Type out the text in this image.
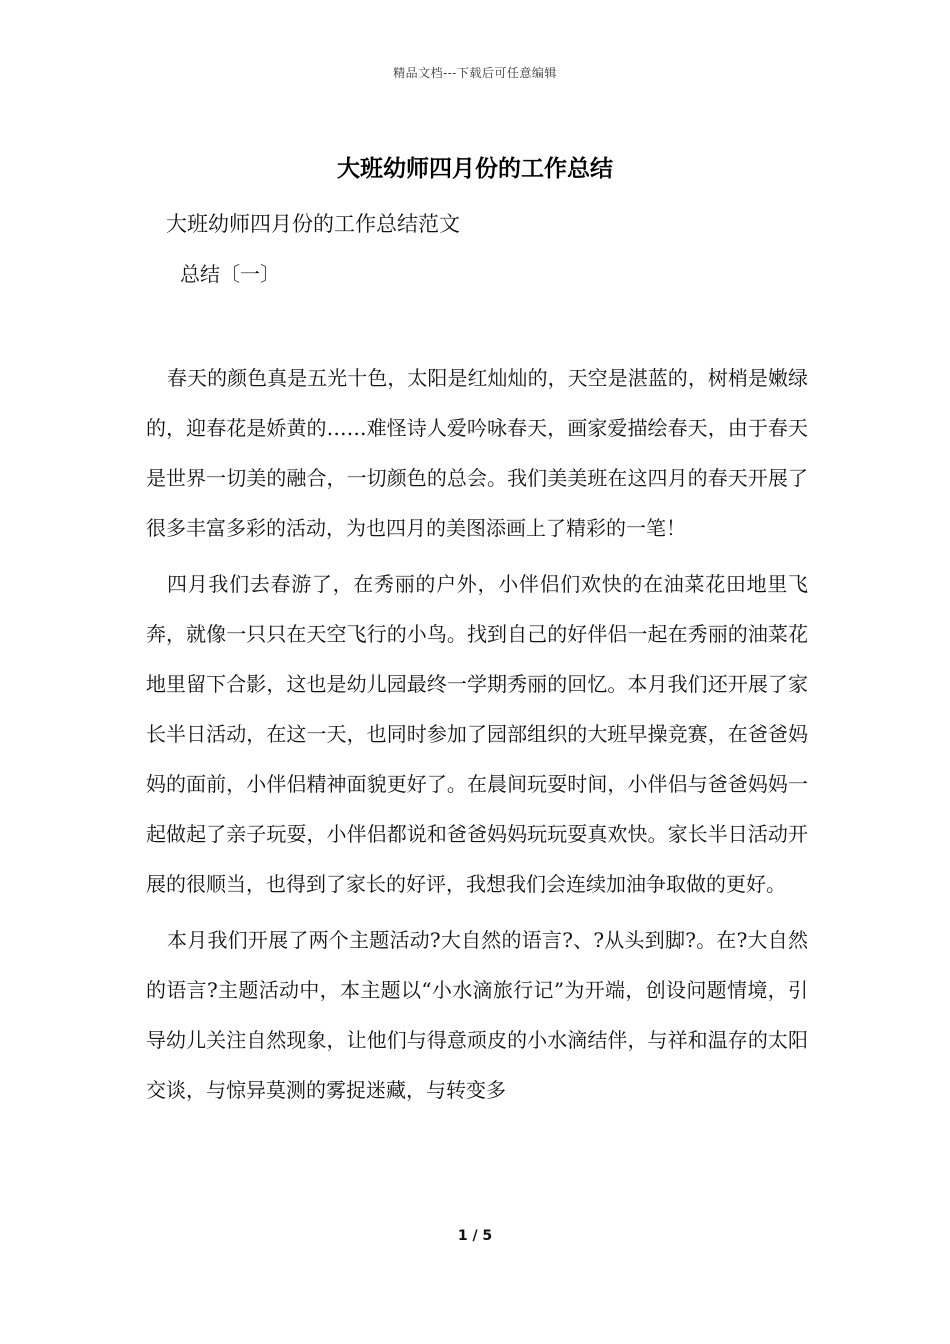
精品文档---下载后可任意编辑
大班幼师四月份的工作总结
大班幼师四月份的工作总结范文
总结〔一〕

春天的颜色真是五光十色，太阳是红灿灿的，天空是湛蓝的，树梢是嫩绿的，迎春花是娇黄的……难怪诗人爱吟咏春天，画家爱描绘春天，由于春天是世界一切美的融合，一切颜色的总会。我们美美班在这四月的春天开展了很多丰富多彩的活动，为也四月的美图添画上了精彩的一笔！

四月我们去春游了，在秀丽的户外，小伴侣们欢快的在油菜花田地里飞奔，就像一只只在天空飞行的小鸟。找到自己的好伴侣一起在秀丽的油菜花地里留下合影，这也是幼儿园最终一学期秀丽的回忆。本月我们还开展了家长半日活动，在这一天，也同时参加了园部组织的大班早操竞赛，在爸爸妈妈的面前，小伴侣精神面貌更好了。在晨间玩耍时间，小伴侣与爸爸妈妈一起做起了亲子玩耍，小伴侣都说和爸爸妈妈玩玩耍真欢快。家长半日活动开展的很顺当，也得到了家长的好评，我想我们会连续加油争取做的更好。

本月我们开展了两个主题活动?大自然的语言?、?从头到脚?。在?大自然的语言?主题活动中，本主题以“小水滴旅行记”为开端，创设问题情境，引导幼儿关注自然现象，让他们与得意顽皮的小水滴结伴，与祥和温存的太阳交谈，与惊异莫测的雾捉迷藏，与转变多

1 / 5
